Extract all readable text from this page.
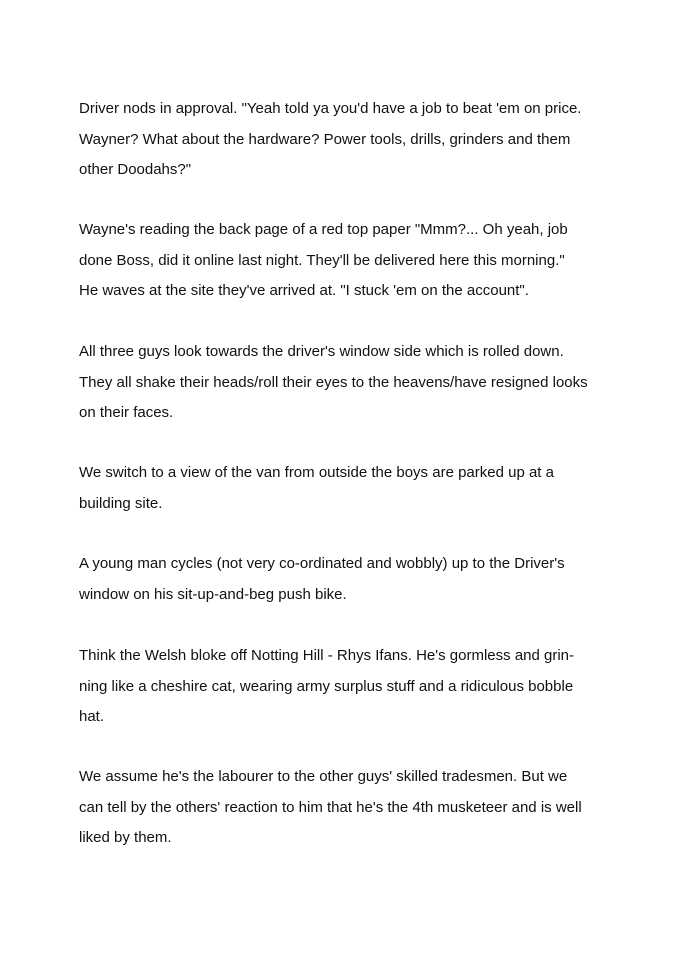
Driver nods in approval. "Yeah told ya you'd have a job to beat 'em on price.
Wayner? What about the hardware? Power tools, drills, grinders and them
other Doodahs?"
Wayne's reading the back page of a red top paper "Mmm?... Oh yeah, job
done Boss, did it online last night. They'll be delivered here this morning."
He waves at the site they've arrived at. "I stuck 'em on the account".
All three guys look towards the driver's window side which is rolled down.
They all shake their heads/roll their eyes to the heavens/have resigned looks
on their faces.
We switch to a view of the van from outside the boys are parked up at a
building site.
A young man cycles (not very co-ordinated and wobbly) up to the Driver's
window on his sit-up-and-beg push bike.
Think the Welsh bloke off Notting Hill - Rhys Ifans. He's gormless and grin-
ning like a cheshire cat, wearing army surplus stuff and a ridiculous bobble
hat.
We assume he's the labourer to the other guys' skilled tradesmen. But we
can tell by the others' reaction to him that he's the 4th musketeer and is well
liked by them.
